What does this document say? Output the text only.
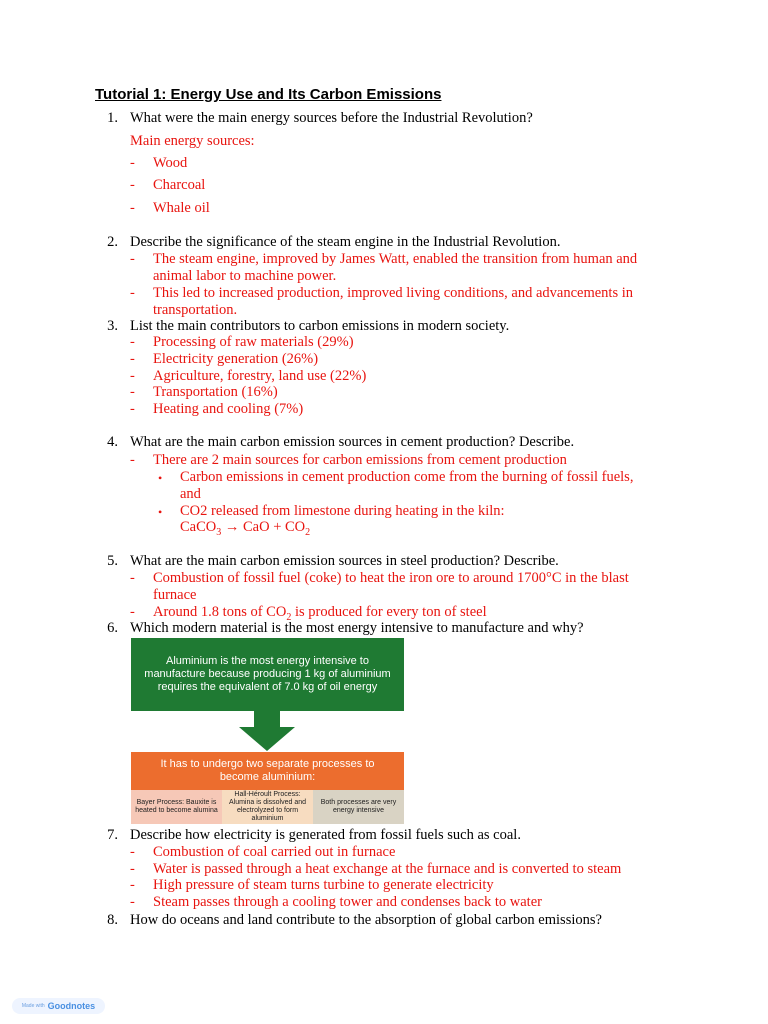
Tutorial 1: Energy Use and Its Carbon Emissions
1. What were the main energy sources before the Industrial Revolution?
Main energy sources:
- Wood
- Charcoal
- Whale oil
2. Describe the significance of the steam engine in the Industrial Revolution.
- The steam engine, improved by James Watt, enabled the transition from human and
animal labor to machine power.
- This led to increased production, improved living conditions, and advancements in
transportation.
3. List the main contributors to carbon emissions in modern society.
- Processing of raw materials (29%)
- Electricity generation (26%)
- Agriculture, forestry, land use (22%)
- Transportation (16%)
- Heating and cooling (7%)
4. What are the main carbon emission sources in cement production? Describe.
- There are 2 main sources for carbon emissions from cement production
• Carbon emissions in cement production come from the burning of fossil fuels,
and
• CO2 released from limestone during heating in the kiln:
CaCO$_3$ → CaO + $CO_2$
5. What are the main carbon emission sources in steel production? Describe.
- Combustion of fossil fuel (coke) to heat the iron ore to around 1700°C in the blast
furnace
- Around 1.8 tons of $CO_2$ is produced for every ton of steel
6. Which modern material is the most energy intensive to manufacture and why?
Aluminium is the most energy intensive to manufacture because producing 1 kg of aluminium requires the equivalent of 7.0 kg of oil energy
It has to undergo two separate processes to become aluminium:
Bayer Process: Bauxite is heated to become alumina
Hall-Héroult Process: Alumina is dissolved and electrolyzed to form aluminium
Both processes are very energy intensive
7. Describe how electricity is generated from fossil fuels such as coal.
- Combustion of coal carried out in furnace
- Water is passed through a heat exchange at the furnace and is converted to steam
- High pressure of steam turns turbine to generate electricity
- Steam passes through a cooling tower and condenses back to water
8. How do oceans and land contribute to the absorption of global carbon emissions?
Made with Goodnotes
